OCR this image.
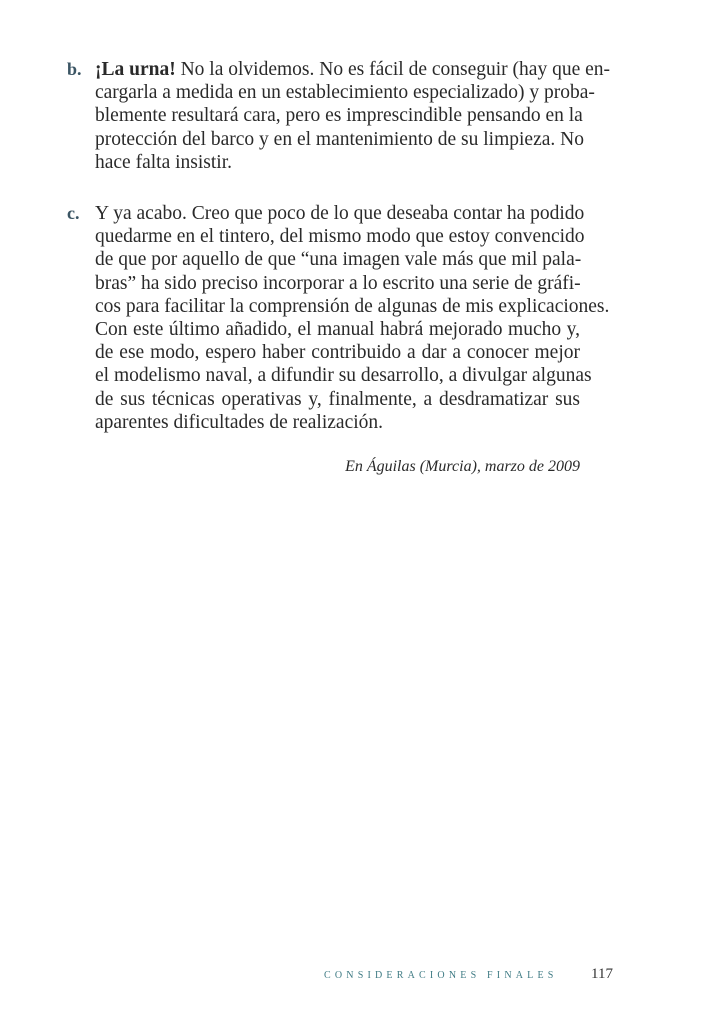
b. ¡La urna! No la olvidemos. No es fácil de conseguir (hay que en-
cargarla a medida en un establecimiento especializado) y proba-
blemente resultará cara, pero es imprescindible pensando en la
protección del barco y en el mantenimiento de su limpieza. No
hace falta insistir.
c. Y ya acabo. Creo que poco de lo que deseaba contar ha podido
quedarme en el tintero, del mismo modo que estoy convencido
de que por aquello de que “una imagen vale más que mil pala-
bras” ha sido preciso incorporar a lo escrito una serie de gráfi-
cos para facilitar la comprensión de algunas de mis explicaciones.
Con este último añadido, el manual habrá mejorado mucho y,
de ese modo, espero haber contribuido a dar a conocer mejor
el modelismo naval, a difundir su desarrollo, a divulgar algunas
de sus técnicas operativas y, finalmente, a desdramatizar sus
aparentes dificultades de realización.
En Águilas (Murcia), marzo de 2009
CONSIDERACIONES FINALES 117
